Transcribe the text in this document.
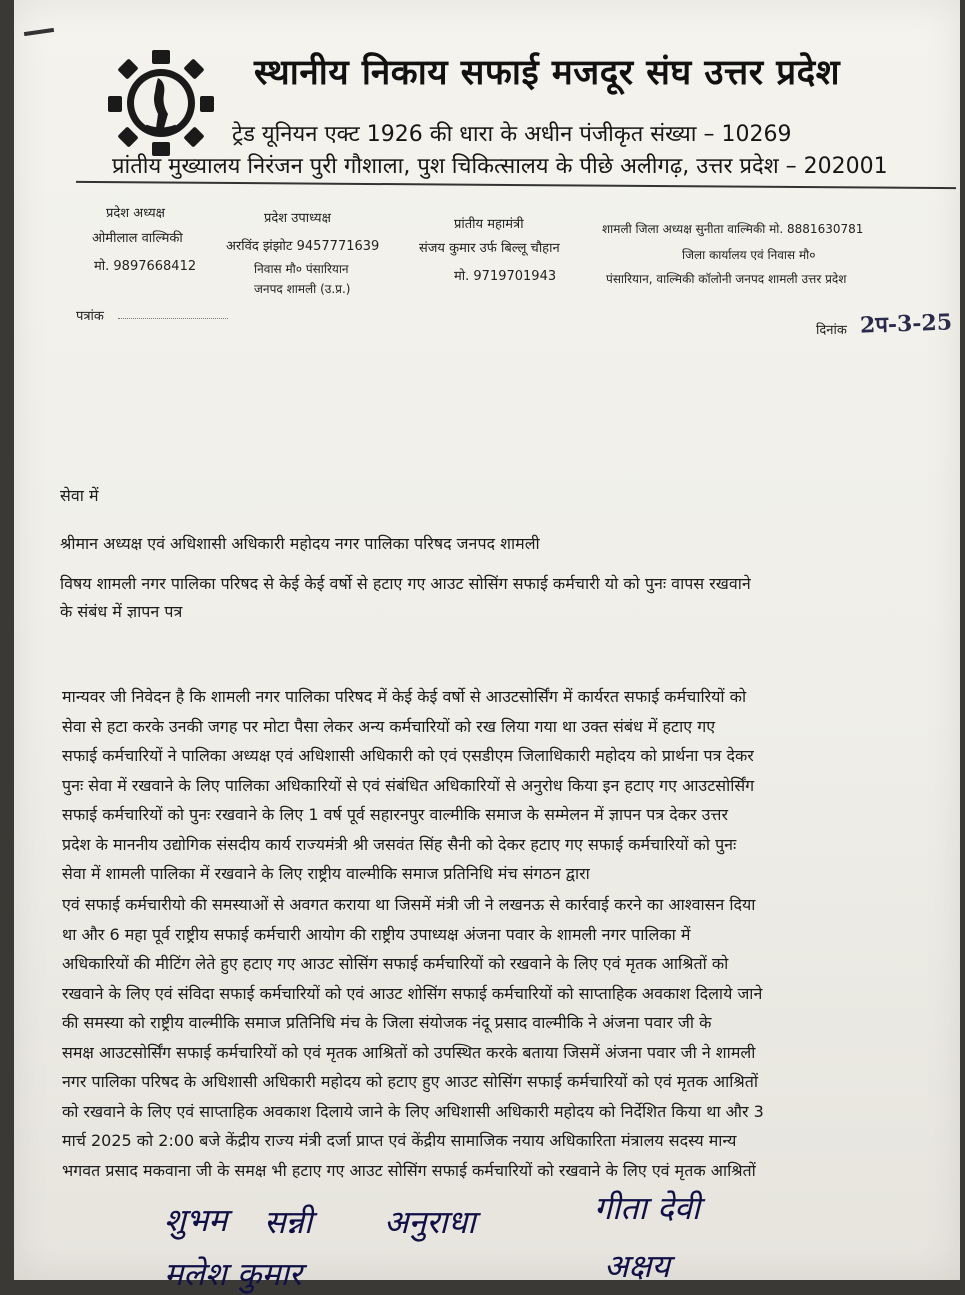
स्थानीय निकाय सफाई मजदूर संघ उत्तर प्रदेश
ट्रेड यूनियन एक्ट 1926 की धारा के अधीन पंजीकृत संख्या – 10269
प्रांतीय मुख्यालय निरंजन पुरी गौशाला, पुश चिकित्सालय के पीछे अलीगढ़, उत्तर प्रदेश – 202001
प्रदेश अध्यक्ष
ओमीलाल वाल्मिकी
मो. 9897668412
प्रदेश उपाध्यक्ष
अरविंद झंझोट 9457771639
निवास मौ० पंसारियान
जनपद शामली (उ.प्र.)
प्रांतीय महामंत्री
संजय कुमार उर्फ बिल्लू चौहान
मो. 9719701943
शामली जिला अध्यक्ष सुनीता वाल्मिकी मो. 8881630781
जिला कार्यालय एवं निवास मौ०
पंसारियान, वाल्मिकी कॉलोनी जनपद शामली उत्तर प्रदेश
पत्रांक
दिनांक 2प-3-25
सेवा में
श्रीमान अध्यक्ष एवं अधिशासी अधिकारी महोदय नगर पालिका परिषद जनपद शामली
विषय शामली नगर पालिका परिषद से केई केई वर्षो से हटाए गए आउट सोसिंग सफाई कर्मचारी यो को पुनः वापस रखवाने
के संबंध में ज्ञापन पत्र
मान्यवर जी निवेदन है कि शामली नगर पालिका परिषद में केई केई वर्षो से आउटसोर्सिंग में कार्यरत सफाई कर्मचारियों को
सेवा से हटा करके उनकी जगह पर मोटा पैसा लेकर अन्य कर्मचारियों को रख लिया गया था उक्त संबंध में हटाए गए
सफाई कर्मचारियों ने पालिका अध्यक्ष एवं अधिशासी अधिकारी को एवं एसडीएम जिलाधिकारी महोदय को प्रार्थना पत्र देकर
पुनः सेवा में रखवाने के लिए पालिका अधिकारियों से एवं संबंधित अधिकारियों से अनुरोध किया इन हटाए गए आउटसोर्सिंग
सफाई कर्मचारियों को पुनः रखवाने के लिए 1 वर्ष पूर्व सहारनपुर वाल्मीकि समाज के सम्मेलन में ज्ञापन पत्र देकर उत्तर
प्रदेश के माननीय उद्योगिक संसदीय कार्य राज्यमंत्री श्री जसवंत सिंह सैनी को देकर हटाए गए सफाई कर्मचारियों को पुनः
सेवा में शामली पालिका में रखवाने के लिए राष्ट्रीय वाल्मीकि समाज प्रतिनिधि मंच संगठन द्वारा
एवं सफाई कर्मचारीयो की समस्याओं से अवगत कराया था जिसमें मंत्री जी ने लखनऊ से कार्रवाई करने का आश्वासन दिया
था और 6 महा पूर्व राष्ट्रीय सफाई कर्मचारी आयोग की राष्ट्रीय उपाध्यक्ष अंजना पवार के शामली नगर पालिका में
अधिकारियों की मीटिंग लेते हुए हटाए गए आउट सोसिंग सफाई कर्मचारियों को रखवाने के लिए एवं मृतक आश्रितों को
रखवाने के लिए एवं संविदा सफाई कर्मचारियों को एवं आउट शोसिंग सफाई कर्मचारियों को साप्ताहिक अवकाश दिलाये जाने
की समस्या को राष्ट्रीय वाल्मीकि समाज प्रतिनिधि मंच के जिला संयोजक नंदू प्रसाद वाल्मीकि ने अंजना पवार जी के
समक्ष आउटसोर्सिंग सफाई कर्मचारियों को एवं मृतक आश्रितों को उपस्थित करके बताया जिसमें अंजना पवार जी ने शामली
नगर पालिका परिषद के अधिशासी अधिकारी महोदय को हटाए हुए आउट सोसिंग सफाई कर्मचारियों को एवं मृतक आश्रितों
को रखवाने के लिए एवं साप्ताहिक अवकाश दिलाये जाने के लिए अधिशासी अधिकारी महोदय को निर्देशित किया था और 3
मार्च 2025 को 2:00 बजे केंद्रीय राज्य मंत्री दर्जा प्राप्त एवं केंद्रीय सामाजिक नयाय अधिकारिता मंत्रालय सदस्य मान्य
भगवत प्रसाद मकवाना जी के समक्ष भी हटाए गए आउट सोसिंग सफाई कर्मचारियों को रखवाने के लिए एवं मृतक आश्रितों
शुभम सन्नी अनुराधा	गीता देवी
मलेश कुमार	अक्षय
